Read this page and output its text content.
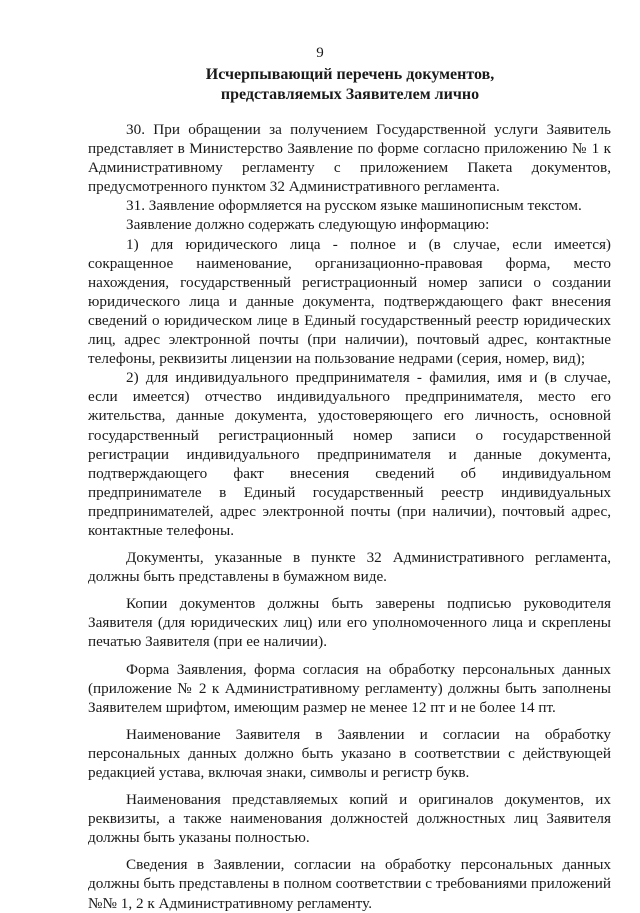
9
Исчерпывающий перечень документов,
представляемых Заявителем лично

30. При обращении за получением Государственной услуги Заявитель представляет в Министерство Заявление по форме согласно приложению № 1 к Административному регламенту с приложением Пакета документов, предусмотренного пунктом 32 Административного регламента.

31. Заявление оформляется на русском языке машинописным текстом.

Заявление должно содержать следующую информацию:

1) для юридического лица - полное и (в случае, если имеется) сокращенное наименование, организационно-правовая форма, место нахождения, государственный регистрационный номер записи о создании юридического лица и данные документа, подтверждающего факт внесения сведений о юридическом лице в Единый государственный реестр юридических лиц, адрес электронной почты (при наличии), почтовый адрес, контактные телефоны, реквизиты лицензии на пользование недрами (серия, номер, вид);

2) для индивидуального предпринимателя - фамилия, имя и (в случае, если имеется) отчество индивидуального предпринимателя, место его жительства, данные документа, удостоверяющего его личность, основной государственный регистрационный номер записи о государственной регистрации индивидуального предпринимателя и данные документа, подтверждающего факт внесения сведений об индивидуальном предпринимателе в Единый государственный реестр индивидуальных предпринимателей, адрес электронной почты (при наличии), почтовый адрес, контактные телефоны.

Документы, указанные в пункте 32 Административного регламента, должны быть представлены в бумажном виде.

Копии документов должны быть заверены подписью руководителя Заявителя (для юридических лиц) или его уполномоченного лица и скреплены печатью Заявителя (при ее наличии).

Форма Заявления, форма согласия на обработку персональных данных (приложение № 2 к Административному регламенту) должны быть заполнены Заявителем шрифтом, имеющим размер не менее 12 пт и не более 14 пт.

Наименование Заявителя в Заявлении и согласии на обработку персональных данных должно быть указано в соответствии с действующей редакцией устава, включая знаки, символы и регистр букв.

Наименования представляемых копий и оригиналов документов, их реквизиты, а также наименования должностей должностных лиц Заявителя должны быть указаны полностью.

Сведения в Заявлении, согласии на обработку персональных данных должны быть представлены в полном соответствии с требованиями приложений №№ 1, 2 к Административному регламенту.
